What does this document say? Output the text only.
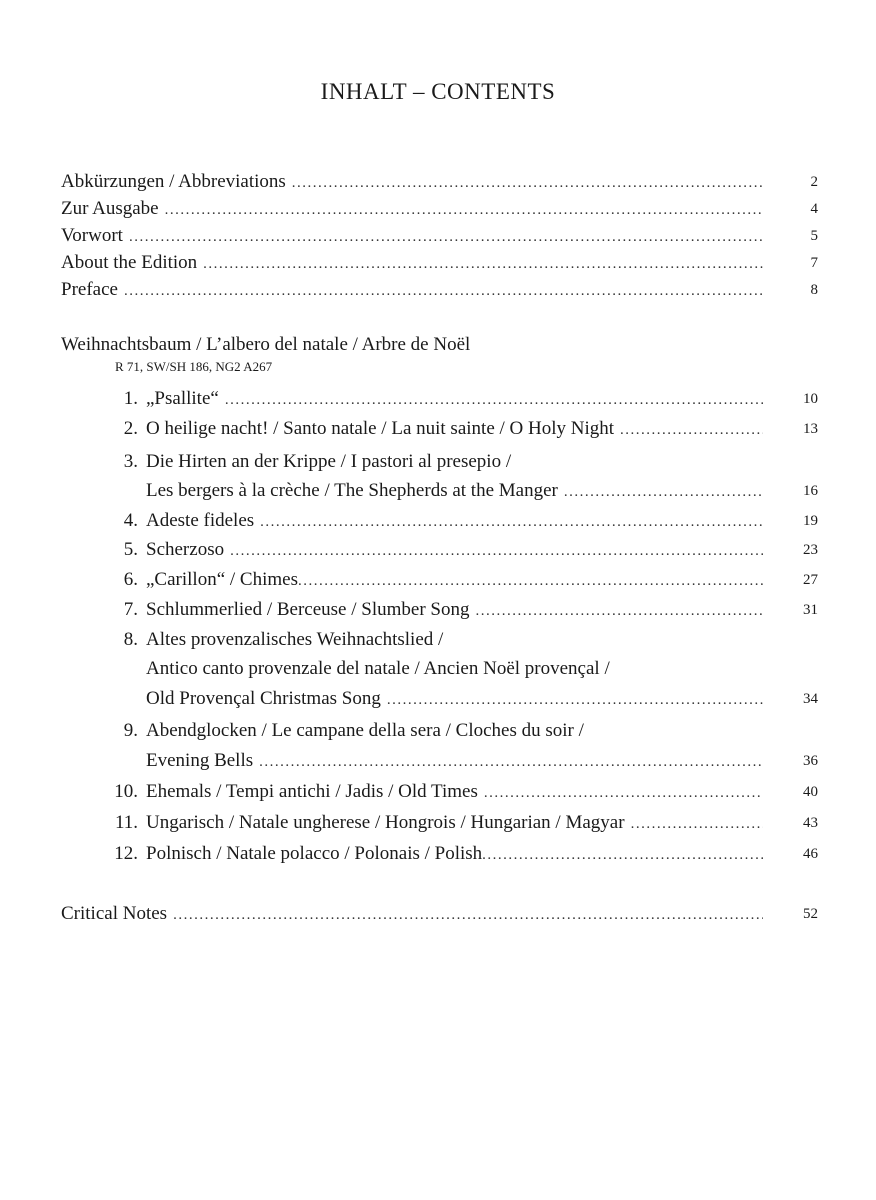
INHALT – CONTENTS
Abkürzungen / Abbreviations .....	2
Zur Ausgabe .....	4
Vorwort .....	5
About the Edition .....	7
Preface .....	8
Weihnachtsbaum / L’albero del natale / Arbre de Noël
R 71, SW/SH 186, NG2 A267
1. „Psallite“ .....	10
2. O heilige nacht! / Santo natale / La nuit sainte / O Holy Night .....	13
3. Die Hirten an der Krippe / I pastori al presepio /
Les bergers à la crèche / The Shepherds at the Manger .....	16
4. Adeste fideles .....	19
5. Scherzoso .....	23
6. „Carillon“ / Chimes .....	27
7. Schlummerlied / Berceuse / Slumber Song .....	31
8. Altes provenzalisches Weihnachtslied /
Antico canto provenzale del natale / Ancien Noël provençal /
Old Provençal Christmas Song .....	34
9. Abendglocken / Le campane della sera / Cloches du soir /
Evening Bells .....	36
10. Ehemals / Tempi antichi / Jadis / Old Times .....	40
11. Ungarisch / Natale ungherese / Hongrois / Hungarian / Magyar .....	43
12. Polnisch / Natale polacco / Polonais / Polish .....	46
Critical Notes .....	52
